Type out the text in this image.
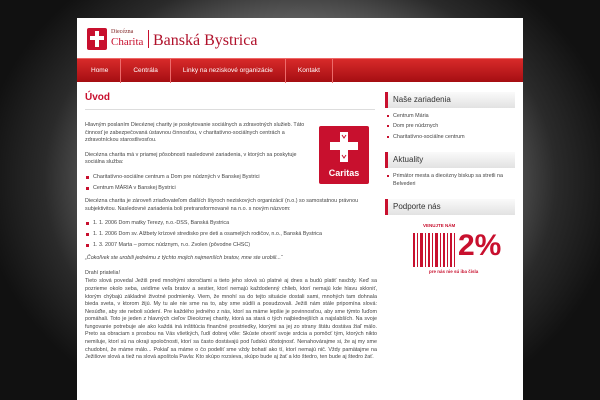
Diecézna
Charita Banská Bystrica
Home	Centrála	Linky na neziskové organizácie	Kontakt
Úvod
Caritas

Hlavným poslaním Diecéznej charity je poskytovanie sociálnych a zdravotných služieb. Táto činnosť je zabezpečovaná ústavnou činnosťou, v charitatívno-sociálnych centrách a zdravotníckou starostlivosťou.

Diecézna charita má v priamej pôsobnosti nasledovné zariadenia, v ktorých sa poskytuje sociálna služba:

Charitatívno-sociálne centrum a Dom pre núdzných v Banskej Bystrici
Centrum MÁRIA v Banskej Bystrici

Diecézna charita je zároveň zriaďovateľom ďalších štyroch neziskových organizácií (n.o.) so samostatnou právnou subjektivitou. Nasledovné zariadenia boli pretransformované na n.o. s novým názvom:

1. 1. 2006 Dom matky Terezy, n.o.-DSS, Banská Bystrica
1. 1. 2006 Dom sv. Alžbety krízové stredisko pre deti a osamelých rodičov, n.o., Banská Bystrica
1. 3. 2007 Marta – pomoc núdznym, n.o. Zvolen (pôvodne CHSC)

„Čokoľvek ste urobili jednému z týchto mojich najmenších bratov, mne ste urobili...“

Drahí priatelia!

Tieto slová povedal Ježiš pred mnohými storočiami a tieto jeho slová sú platné aj dnes a budú platiť navždy. Keď sa pozrieme okolo seba, uvidíme veľa bratov a sestier, ktorí nemajú každodenný chlieb, ktorí nemajú kde hlavu skloniť, ktorým chýbajú základné životné podmienky. Viem, že mnohí sa do tejto situácie dostali sami, mnohých tam dohnala bieda sveta, v ktorom žijú. My tu ale nie sme na to, aby sme súdili a posudzovali. Ježiš nám stále pripomína slová: Nesúďte, aby ste neboli súdení. Pre každého jedného z nás, ktorí sa máme lepšie je povinnosťou, aby sme týmto ľuďom pomáhali. Toto je jeden z hlavných cieľov Diecéznej charity, ktorá sa stará o tých najbiednejších a najslabších. Na svoje fungovanie potrebuje ale ako každá iná inštitúcia finančné prostriedky, ktorými sa jej zo strany štátu dostáva žiaľ málo. Preto sa obraciam s prosbou na Vás všetkých, ľudí dobrej vôle: Skúste otvoriť svoje srdcia a pomôcť tým, ktorých nikto nemiluje, ktorí sú na okraji spoločnosti, ktorí sa často dostávajú pod ľudskú dôstojnosť. Nenahovárajme si, že aj my sme chudobní, že máme málo... Pokiaľ sa máme o čo podeliť sme vždy bohatí ako tí, ktorí nemajú nič. Vždy pamätajme na Ježišove slová a tiež na slová apoštola Pavla: Kto skúpo rozsieva, skúpo bude aj žať a kto štedro, ten bude aj štedro žať.

Naše zariadenia
Centrum Mária
Dom pre núdznych
Charitatívno-sociálne centrum
Aktuality
Primátor mesta a diecézny biskup sa stretli na Belvederi
Podporte nás
VENUJTE NÁM
2%
pre nás nie sú iba čísla
